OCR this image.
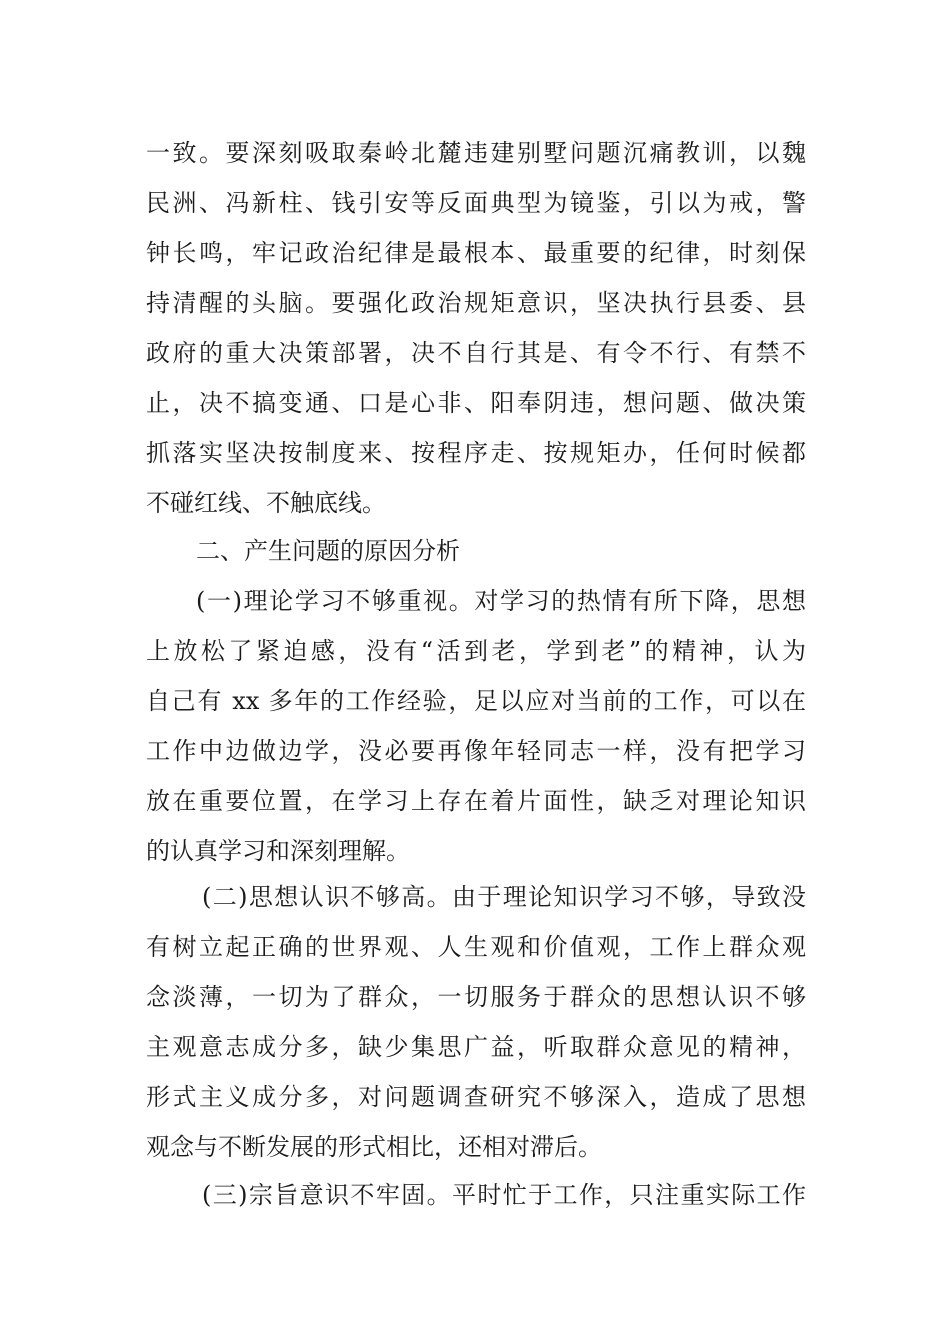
一致。要深刻吸取秦岭北麓违建别墅问题沉痛教训，以魏
民洲、冯新柱、钱引安等反面典型为镜鉴，引以为戒，警
钟长鸣，牢记政治纪律是最根本、最重要的纪律，时刻保
持清醒的头脑。要强化政治规矩意识，坚决执行县委、县
政府的重大决策部署，决不自行其是、有令不行、有禁不
止，决不搞变通、口是心非、阳奉阴违，想问题、做决策
抓落实坚决按制度来、按程序走、按规矩办，任何时候都
不碰红线、不触底线。
二、产生问题的原因分析
(一)理论学习不够重视。对学习的热情有所下降，思想
上放松了紧迫感，没有“活到老，学到老”的精神，认为
自己有 xx 多年的工作经验，足以应对当前的工作，可以在
工作中边做边学，没必要再像年轻同志一样，没有把学习
放在重要位置，在学习上存在着片面性，缺乏对理论知识
的认真学习和深刻理解。
(二)思想认识不够高。由于理论知识学习不够，导致没
有树立起正确的世界观、人生观和价值观，工作上群众观
念淡薄，一切为了群众，一切服务于群众的思想认识不够
主观意志成分多，缺少集思广益，听取群众意见的精神，
形式主义成分多，对问题调查研究不够深入，造成了思想
观念与不断发展的形式相比，还相对滞后。
(三)宗旨意识不牢固。平时忙于工作，只注重实际工作
